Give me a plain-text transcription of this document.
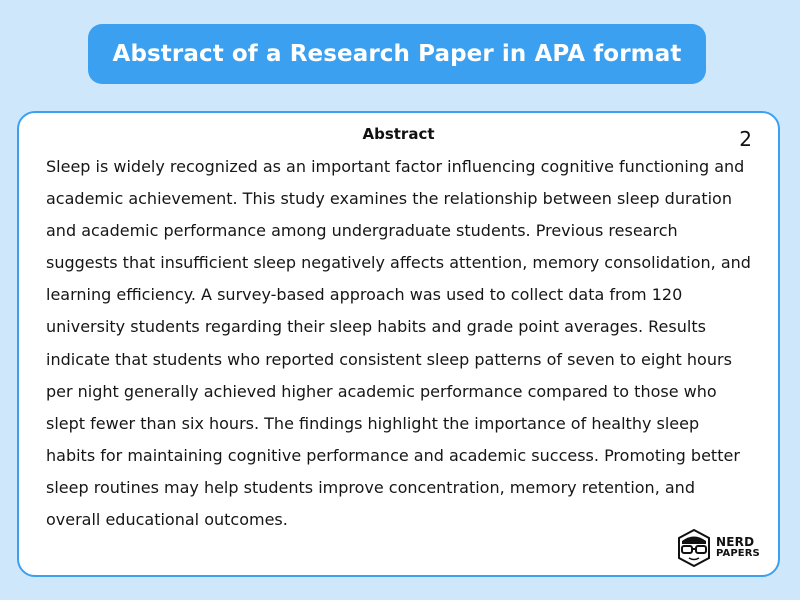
Abstract of a Research Paper in APA format
Abstract	2

Sleep is widely recognized as an important factor influencing cognitive functioning and academic achievement. This study examines the relationship between sleep duration and academic performance among undergraduate students. Previous research suggests that insufficient sleep negatively affects attention, memory consolidation, and learning efficiency. A survey-based approach was used to collect data from 120 university students regarding their sleep habits and grade point averages. Results indicate that students who reported consistent sleep patterns of seven to eight hours per night generally achieved higher academic performance compared to those who slept fewer than six hours. The findings highlight the importance of healthy sleep habits for maintaining cognitive performance and academic success. Promoting better sleep routines may help students improve concentration, memory retention, and overall educational outcomes.

NERD
PAPERS
